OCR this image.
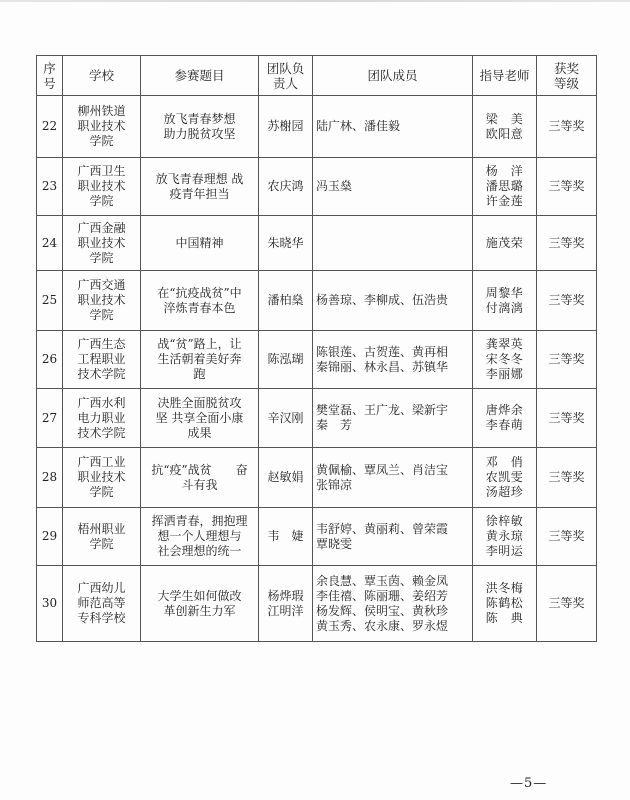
序
号	学校	参赛题目	团队负
责人	团队成员	指导老师	获奖
等级

22	柳州铁道
职业技术
学院	放飞青春梦想
助力脱贫攻坚	苏榭园	陆广林、潘佳毅	梁　美
欧阳意	三等奖

23	广西卫生
职业技术
学院	放飞青春理想 战
疫青年担当	农庆鸿	冯玉燊	杨　洋
潘思璐
许金莲	三等奖

24	广西金融
职业技术
学院	中国精神	朱晓华		施茂荣	三等奖

25	广西交通
职业技术
学院	在“抗疫战贫”中
淬炼青春本色	潘柏燊	杨善琼、李柳成、伍浩贵	周黎华
付漓漓	三等奖

26	广西生态
工程职业
技术学院	战“贫”路上，让
生活朝着美好奔
跑	陈泓瑚	陈银莲、古贺莲、黄再相
秦锦丽、林永昌、苏镇华	龚翠英
宋冬冬
李丽娜	三等奖

27	广西水利
电力职业
技术学院	决胜全面脱贫攻
坚 共享全面小康
成果	辛汉刚	樊堂磊、王广龙、梁新宇
秦　芳	唐烨余
李春萌	三等奖

28	广西工业
职业技术
学院	抗“疫”战贫　　奋
斗有我	赵敏娟	黄佩榆、覃凤兰、肖洁宝
张锦凉	邓　俏
农凯雯
汤超珍	三等奖

29	梧州职业
学院	挥洒青春，拥抱理
想一个人理想与
社会理想的统一	韦　婕	韦舒婷、黄丽莉、曾荣霞
覃晓雯	徐梓敏
黄永琼
李明运	三等奖

30	广西幼儿
师范高等
专科学校	大学生如何做改
革创新生力军	杨烨瑕
江明洋	余良慧、覃玉茵、赖金凤
李佳禧、陈丽珊、姜绍芳
杨发辉、侯明宝、黄秋珍
黄玉秀、农永康、罗永煜	洪冬梅
陈鹤松
陈　典	三等奖
—5—
